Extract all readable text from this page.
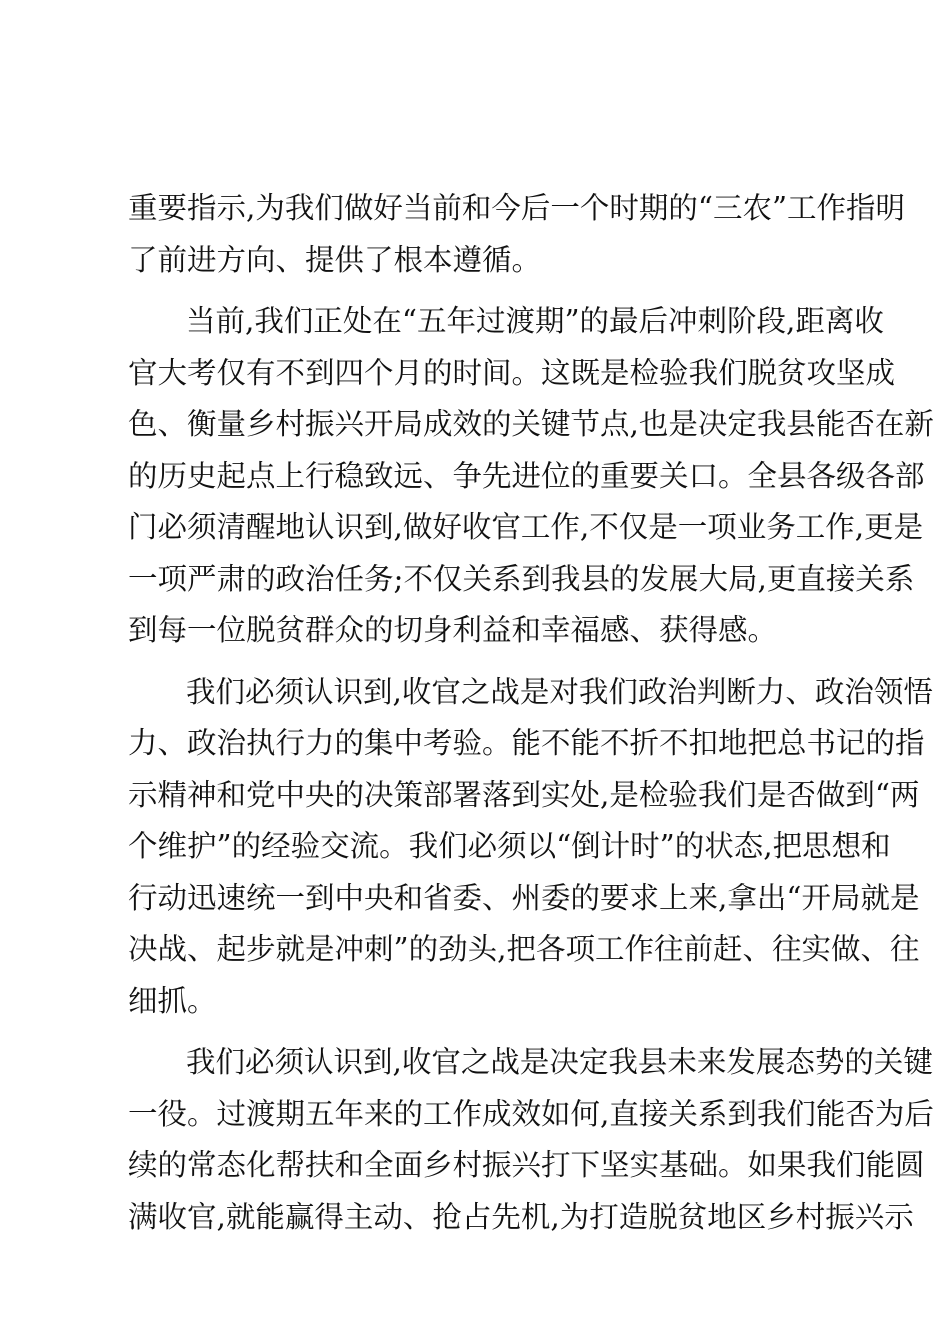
重要指示,为我们做好当前和今后一个时期的“三农”工作指明
了前进方向、提供了根本遵循。
当前,我们正处在“五年过渡期”的最后冲刺阶段,距离收
官大考仅有不到四个月的时间。这既是检验我们脱贫攻坚成
色、衡量乡村振兴开局成效的关键节点,也是决定我县能否在新
的历史起点上行稳致远、争先进位的重要关口。全县各级各部
门必须清醒地认识到,做好收官工作,不仅是一项业务工作,更是
一项严肃的政治任务;不仅关系到我县的发展大局,更直接关系
到每一位脱贫群众的切身利益和幸福感、获得感。
我们必须认识到,收官之战是对我们政治判断力、政治领悟
力、政治执行力的集中考验。能不能不折不扣地把总书记的指
示精神和党中央的决策部署落到实处,是检验我们是否做到“两
个维护”的经验交流。我们必须以“倒计时”的状态,把思想和
行动迅速统一到中央和省委、州委的要求上来,拿出“开局就是
决战、起步就是冲刺”的劲头,把各项工作往前赶、往实做、往
细抓。
我们必须认识到,收官之战是决定我县未来发展态势的关键
一役。过渡期五年来的工作成效如何,直接关系到我们能否为后
续的常态化帮扶和全面乡村振兴打下坚实基础。如果我们能圆
满收官,就能赢得主动、抢占先机,为打造脱贫地区乡村振兴示
